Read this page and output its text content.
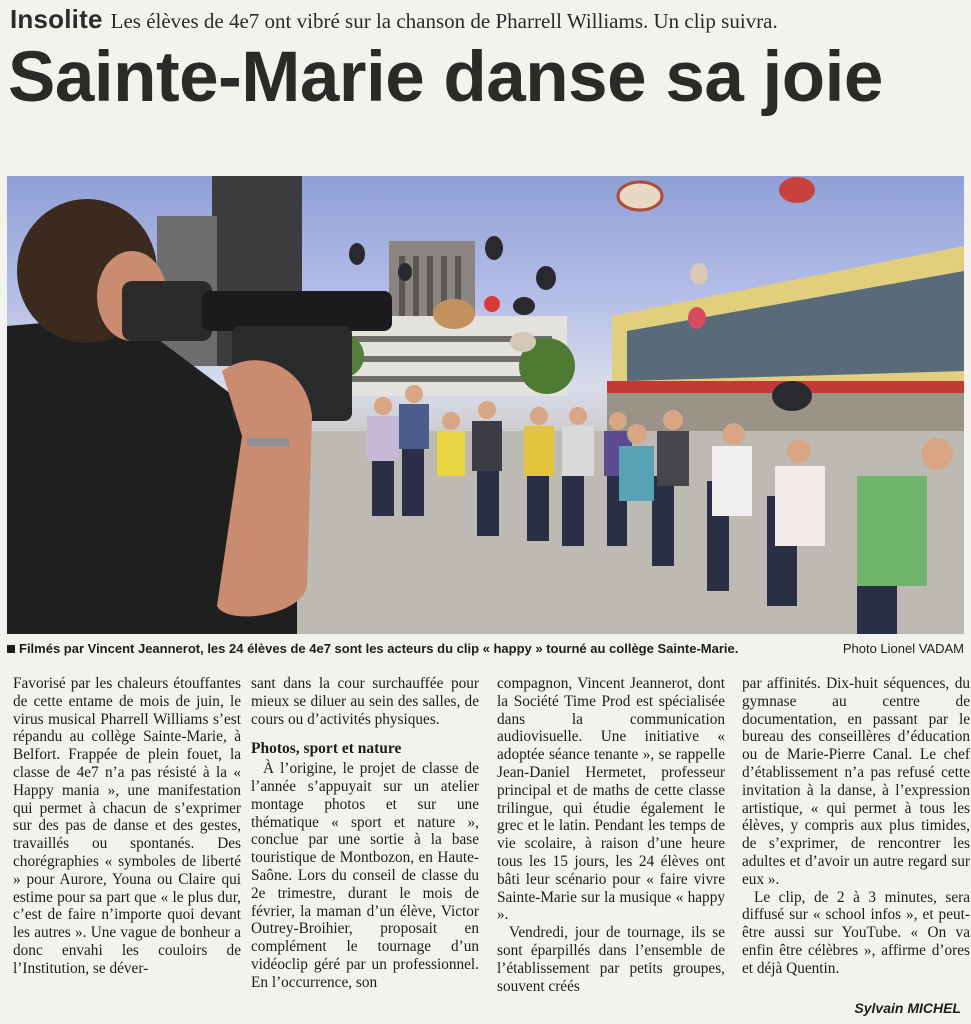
Insolite Les élèves de 4e7 ont vibré sur la chanson de Pharrell Williams. Un clip suivra.
Sainte-Marie danse sa joie
Filmés par Vincent Jeannerot, les 24 élèves de 4e7 sont les acteurs du clip « happy » tourné au collège Sainte-Marie.	Photo Lionel VADAM

Favorisé par les chaleurs étouffantes de cette entame de mois de juin, le virus musical Pharrell Williams s’est répandu au collège Sainte-Marie, à Belfort. Frappée de plein fouet, la classe de 4e7 n’a pas résisté à la « Happy mania », une manifestation qui permet à chacun de s’exprimer sur des pas de danse et des gestes, travaillés ou spontanés. Des chorégraphies « symboles de liberté » pour Aurore, Youna ou Claire qui estime pour sa part que « le plus dur, c’est de faire n’importe quoi devant les autres ». Une vague de bonheur a donc envahi les couloirs de l’Institution, se déver-

sant dans la cour surchauffée pour mieux se diluer au sein des salles, de cours ou d’activités physiques.

Photos, sport et nature

À l’origine, le projet de classe de l’année s’appuyait sur un atelier montage photos et sur une thématique « sport et nature », conclue par une sortie à la base touristique de Montbozon, en Haute-Saône. Lors du conseil de classe du 2e trimestre, durant le mois de février, la maman d’un élève, Victor Outrey-Broihier, proposait en complément le tournage d’un vidéoclip géré par un professionnel. En l’occurrence, son

compagnon, Vincent Jeannerot, dont la Société Time Prod est spécialisée dans la communication audiovisuelle. Une initiative « adoptée séance tenante », se rappelle Jean-Daniel Hermetet, professeur principal et de maths de cette classe trilingue, qui étudie également le grec et le latin. Pendant les temps de vie scolaire, à raison d’une heure tous les 15 jours, les 24 élèves ont bâti leur scénario pour « faire vivre Sainte-Marie sur la musique « happy ».

Vendredi, jour de tournage, ils se sont éparpillés dans l’ensemble de l’établissement par petits groupes, souvent créés

par affinités. Dix-huit séquences, du gymnase au centre de documentation, en passant par le bureau des conseillères d’éducation ou de Marie-Pierre Canal. Le chef d’établissement n’a pas refusé cette invitation à la danse, à l’expression artistique, « qui permet à tous les élèves, y compris aux plus timides, de s’exprimer, de rencontrer les adultes et d’avoir un autre regard sur eux ».

Le clip, de 2 à 3 minutes, sera diffusé sur « school infos », et peut-être aussi sur YouTube. « On va enfin être célèbres », affirme d’ores et déjà Quentin.

Sylvain MICHEL
